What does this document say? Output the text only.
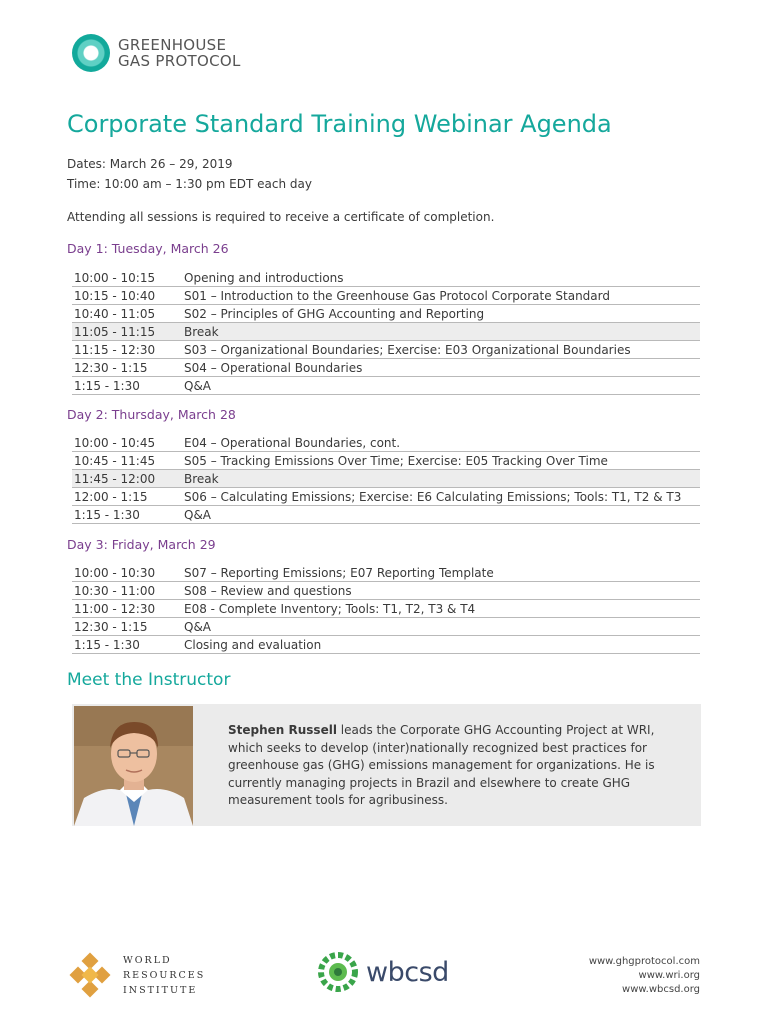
GREENHOUSE
GAS PROTOCOL
Corporate Standard Training Webinar Agenda
Dates: March 26 – 29, 2019
Time: 10:00 am – 1:30 pm EDT each day
Attending all sessions is required to receive a certificate of completion.
Day 1: Tuesday, March 26
10:00 - 10:15	Opening and introductions
10:15 - 10:40	S01 – Introduction to the Greenhouse Gas Protocol Corporate Standard
10:40 - 11:05	S02 – Principles of GHG Accounting and Reporting
11:05 - 11:15	Break
11:15 - 12:30	S03 – Organizational Boundaries; Exercise: E03 Organizational Boundaries
12:30 - 1:15	S04 – Operational Boundaries
1:15 - 1:30	Q&A
Day 2: Thursday, March 28
10:00 - 10:45	E04 – Operational Boundaries, cont.
10:45 - 11:45	S05 – Tracking Emissions Over Time; Exercise: E05 Tracking Over Time
11:45 - 12:00	Break
12:00 - 1:15	S06 – Calculating Emissions; Exercise: E6 Calculating Emissions; Tools: T1, T2 & T3
1:15 - 1:30	Q&A
Day 3: Friday, March 29
10:00 - 10:30	S07 – Reporting Emissions; E07 Reporting Template
10:30 - 11:00	S08 – Review and questions
11:00 - 12:30	E08 - Complete Inventory; Tools: T1, T2, T3 & T4
12:30 - 1:15	Q&A
1:15 - 1:30	Closing and evaluation
Meet the Instructor
Stephen Russell leads the Corporate GHG Accounting Project at WRI, which seeks to develop (inter)nationally recognized best practices for greenhouse gas (GHG) emissions management for organizations. He is currently managing projects in Brazil and elsewhere to create GHG measurement tools for agribusiness.
WORLD
RESOURCES
INSTITUTE
wbcsd	www.ghgprotocol.com
www.wri.org
www.wbcsd.org
